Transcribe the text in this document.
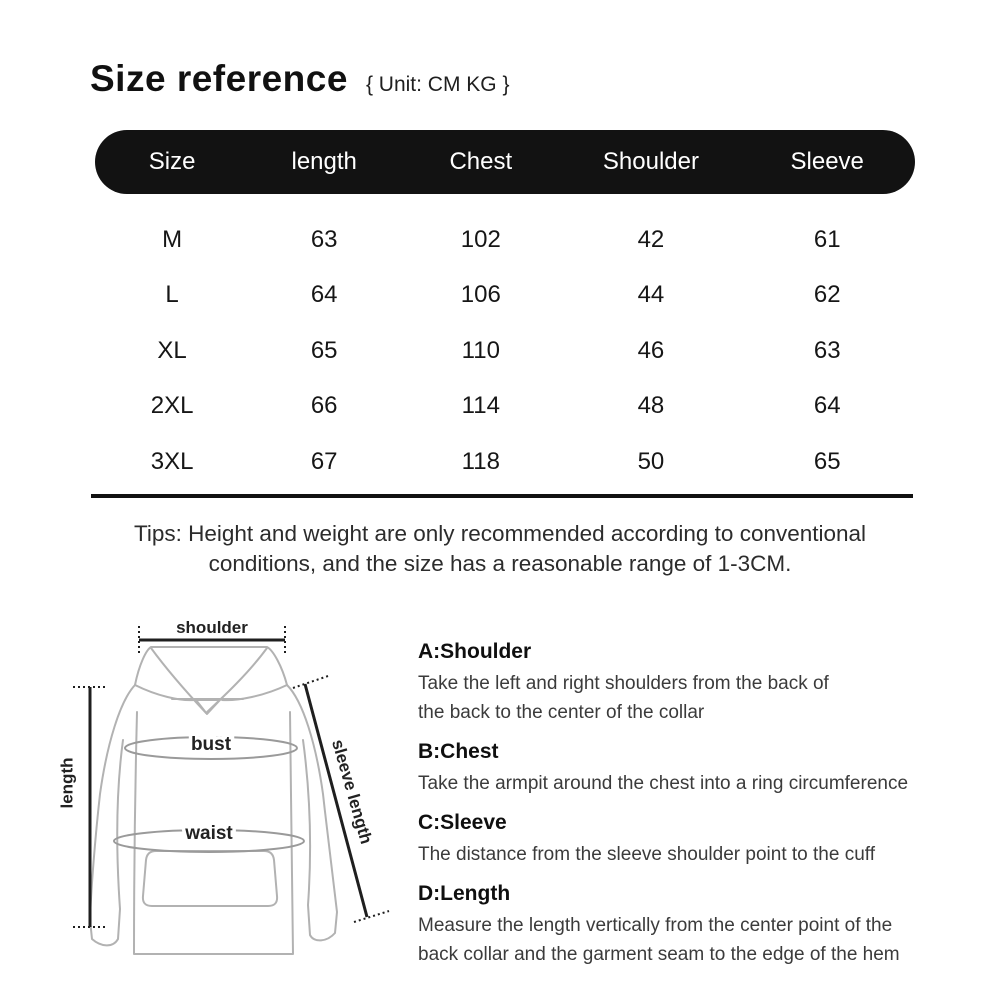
Size reference { Unit: CM KG }
Size	length	Chest	Shoulder	Sleeve
M	63	102	42	61
L	64	106	44	62
XL	65	110	46	63
2XL	66	114	48	64
3XL	67	118	50	65
Tips: Height and weight are only recommended according to conventional
conditions, and the size has a reasonable range of 1-3CM.
shoulder
length	sleeve length
bust
waist
A:Shoulder
Take the left and right shoulders from the back of
the back to the center of the collar
B:Chest
Take the armpit around the chest into a ring circumference
C:Sleeve
The distance from the sleeve shoulder point to the cuff
D:Length
Measure the length vertically from the center point of the
back collar and the garment seam to the edge of the hem
